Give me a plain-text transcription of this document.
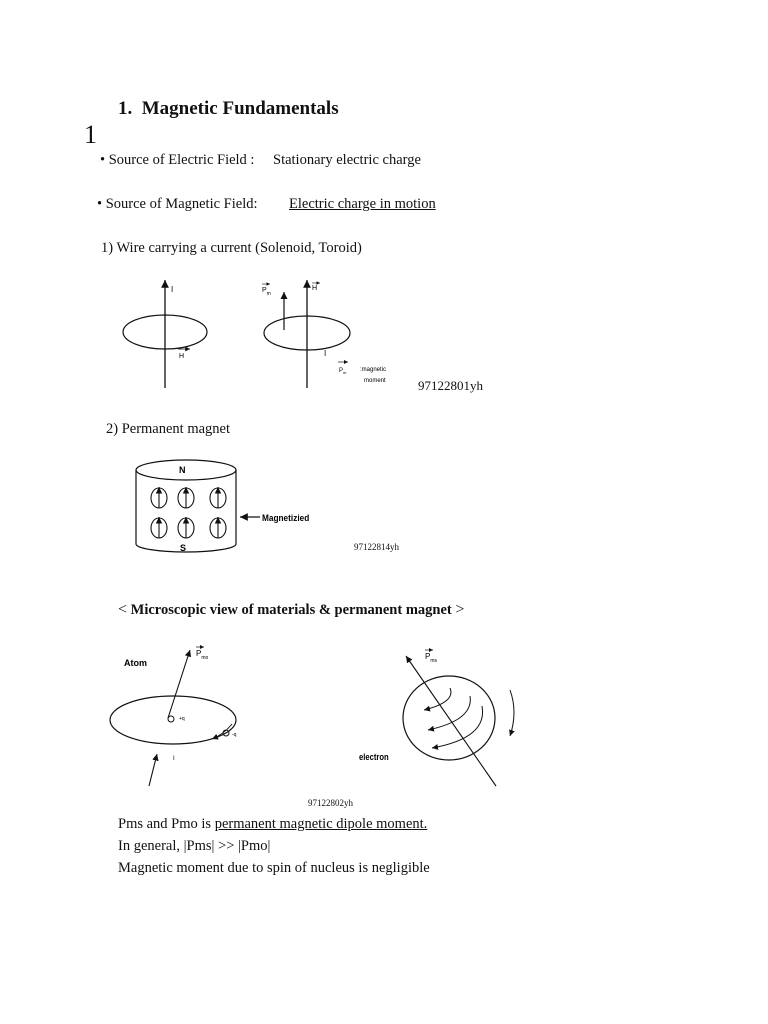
1.  Magnetic Fundamentals
1
• Source of Electric Field : Stationary electric charge
• Source of Magnetic Field: Electric charge in motion
1) Wire carrying a current (Solenoid, Toroid)
I
H
$P_m$
H
I
$P_m$ :magnetic
moment 97122801yh
2) Permanent magnet
N
S
Magnetizied
97122814yh
< Microscopic view of materials & permanent magnet >
Atom
$P_{mo}$
+q
-q
I
$P_{ms}$
electron
97122802yh
Pms and Pmo is permanent magnetic dipole moment.
In general, |Pms| >> |Pmo|
Magnetic moment due to spin of nucleus is negligible
